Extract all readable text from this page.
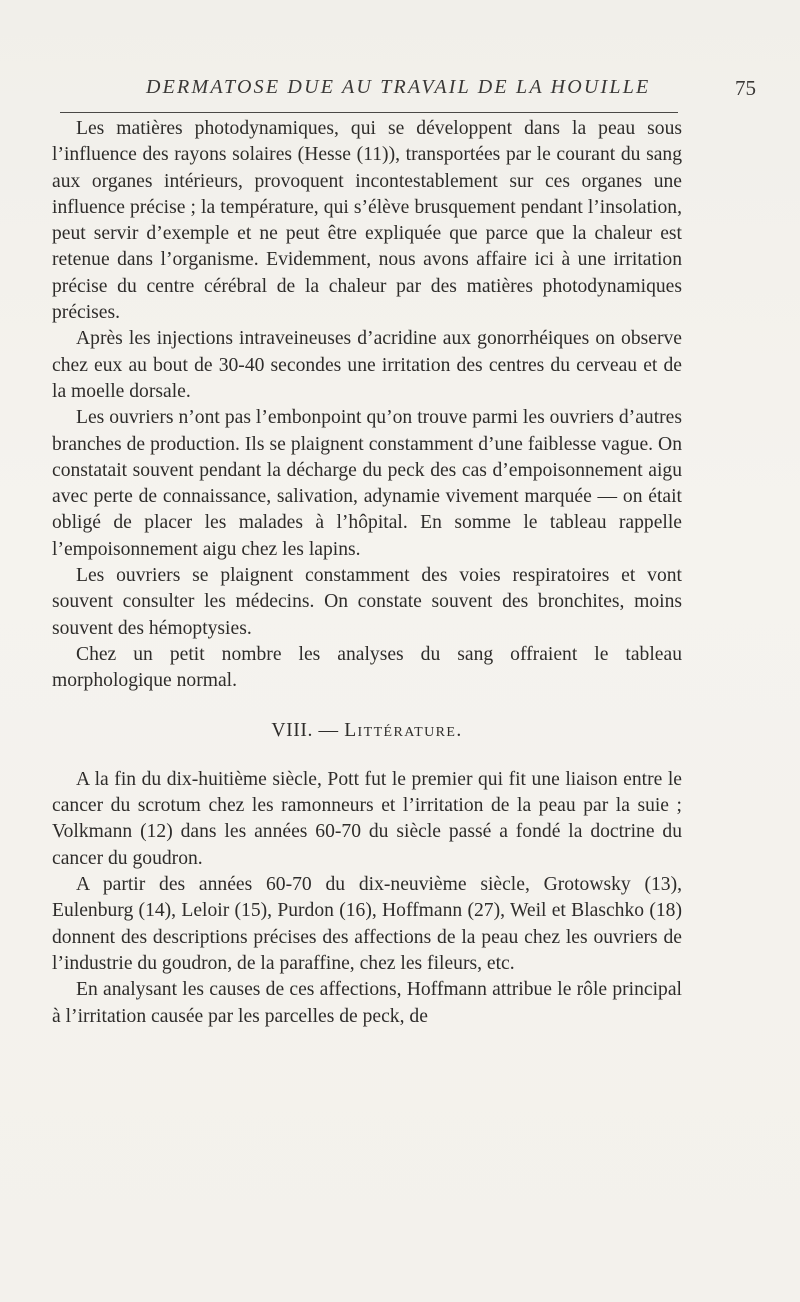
DERMATOSE DUE AU TRAVAIL DE LA HOUILLE	75

Les matières photodynamiques, qui se développent dans la peau sous l’influence des rayons solaires (Hesse (11)), transportées par le courant du sang aux organes intérieurs, provoquent incontestablement sur ces organes une influence précise ; la température, qui s’élève brusquement pendant l’insolation, peut servir d’exemple et ne peut être expliquée que parce que la chaleur est retenue dans l’organisme. Evidemment, nous avons affaire ici à une irritation précise du centre cérébral de la chaleur par des matières photodynamiques précises.

Après les injections intraveineuses d’acridine aux gonorrhéiques on observe chez eux au bout de 30-40 secondes une irritation des centres du cerveau et de la moelle dorsale.

Les ouvriers n’ont pas l’embonpoint qu’on trouve parmi les ouvriers d’autres branches de production. Ils se plaignent constamment d’une faiblesse vague. On constatait souvent pendant la décharge du peck des cas d’empoisonnement aigu avec perte de connaissance, salivation, adynamie vivement marquée — on était obligé de placer les malades à l’hôpital. En somme le tableau rappelle l’empoisonnement aigu chez les lapins.

Les ouvriers se plaignent constamment des voies respiratoires et vont souvent consulter les médecins. On constate souvent des bronchites, moins souvent des hémoptysies.

Chez un petit nombre les analyses du sang offraient le tableau morphologique normal.

VIII. — Littérature.

A la fin du dix-huitième siècle, Pott fut le premier qui fit une liaison entre le cancer du scrotum chez les ramonneurs et l’irritation de la peau par la suie ; Volkmann (12) dans les années 60-70 du siècle passé a fondé la doctrine du cancer du goudron.

A partir des années 60-70 du dix-neuvième siècle, Grotowsky (13), Eulenburg (14), Leloir (15), Purdon (16), Hoffmann (27), Weil et Blaschko (18) donnent des descriptions précises des affections de la peau chez les ouvriers de l’industrie du goudron, de la paraffine, chez les fileurs, etc.

En analysant les causes de ces affections, Hoffmann attribue le rôle principal à l’irritation causée par les parcelles de peck, de
